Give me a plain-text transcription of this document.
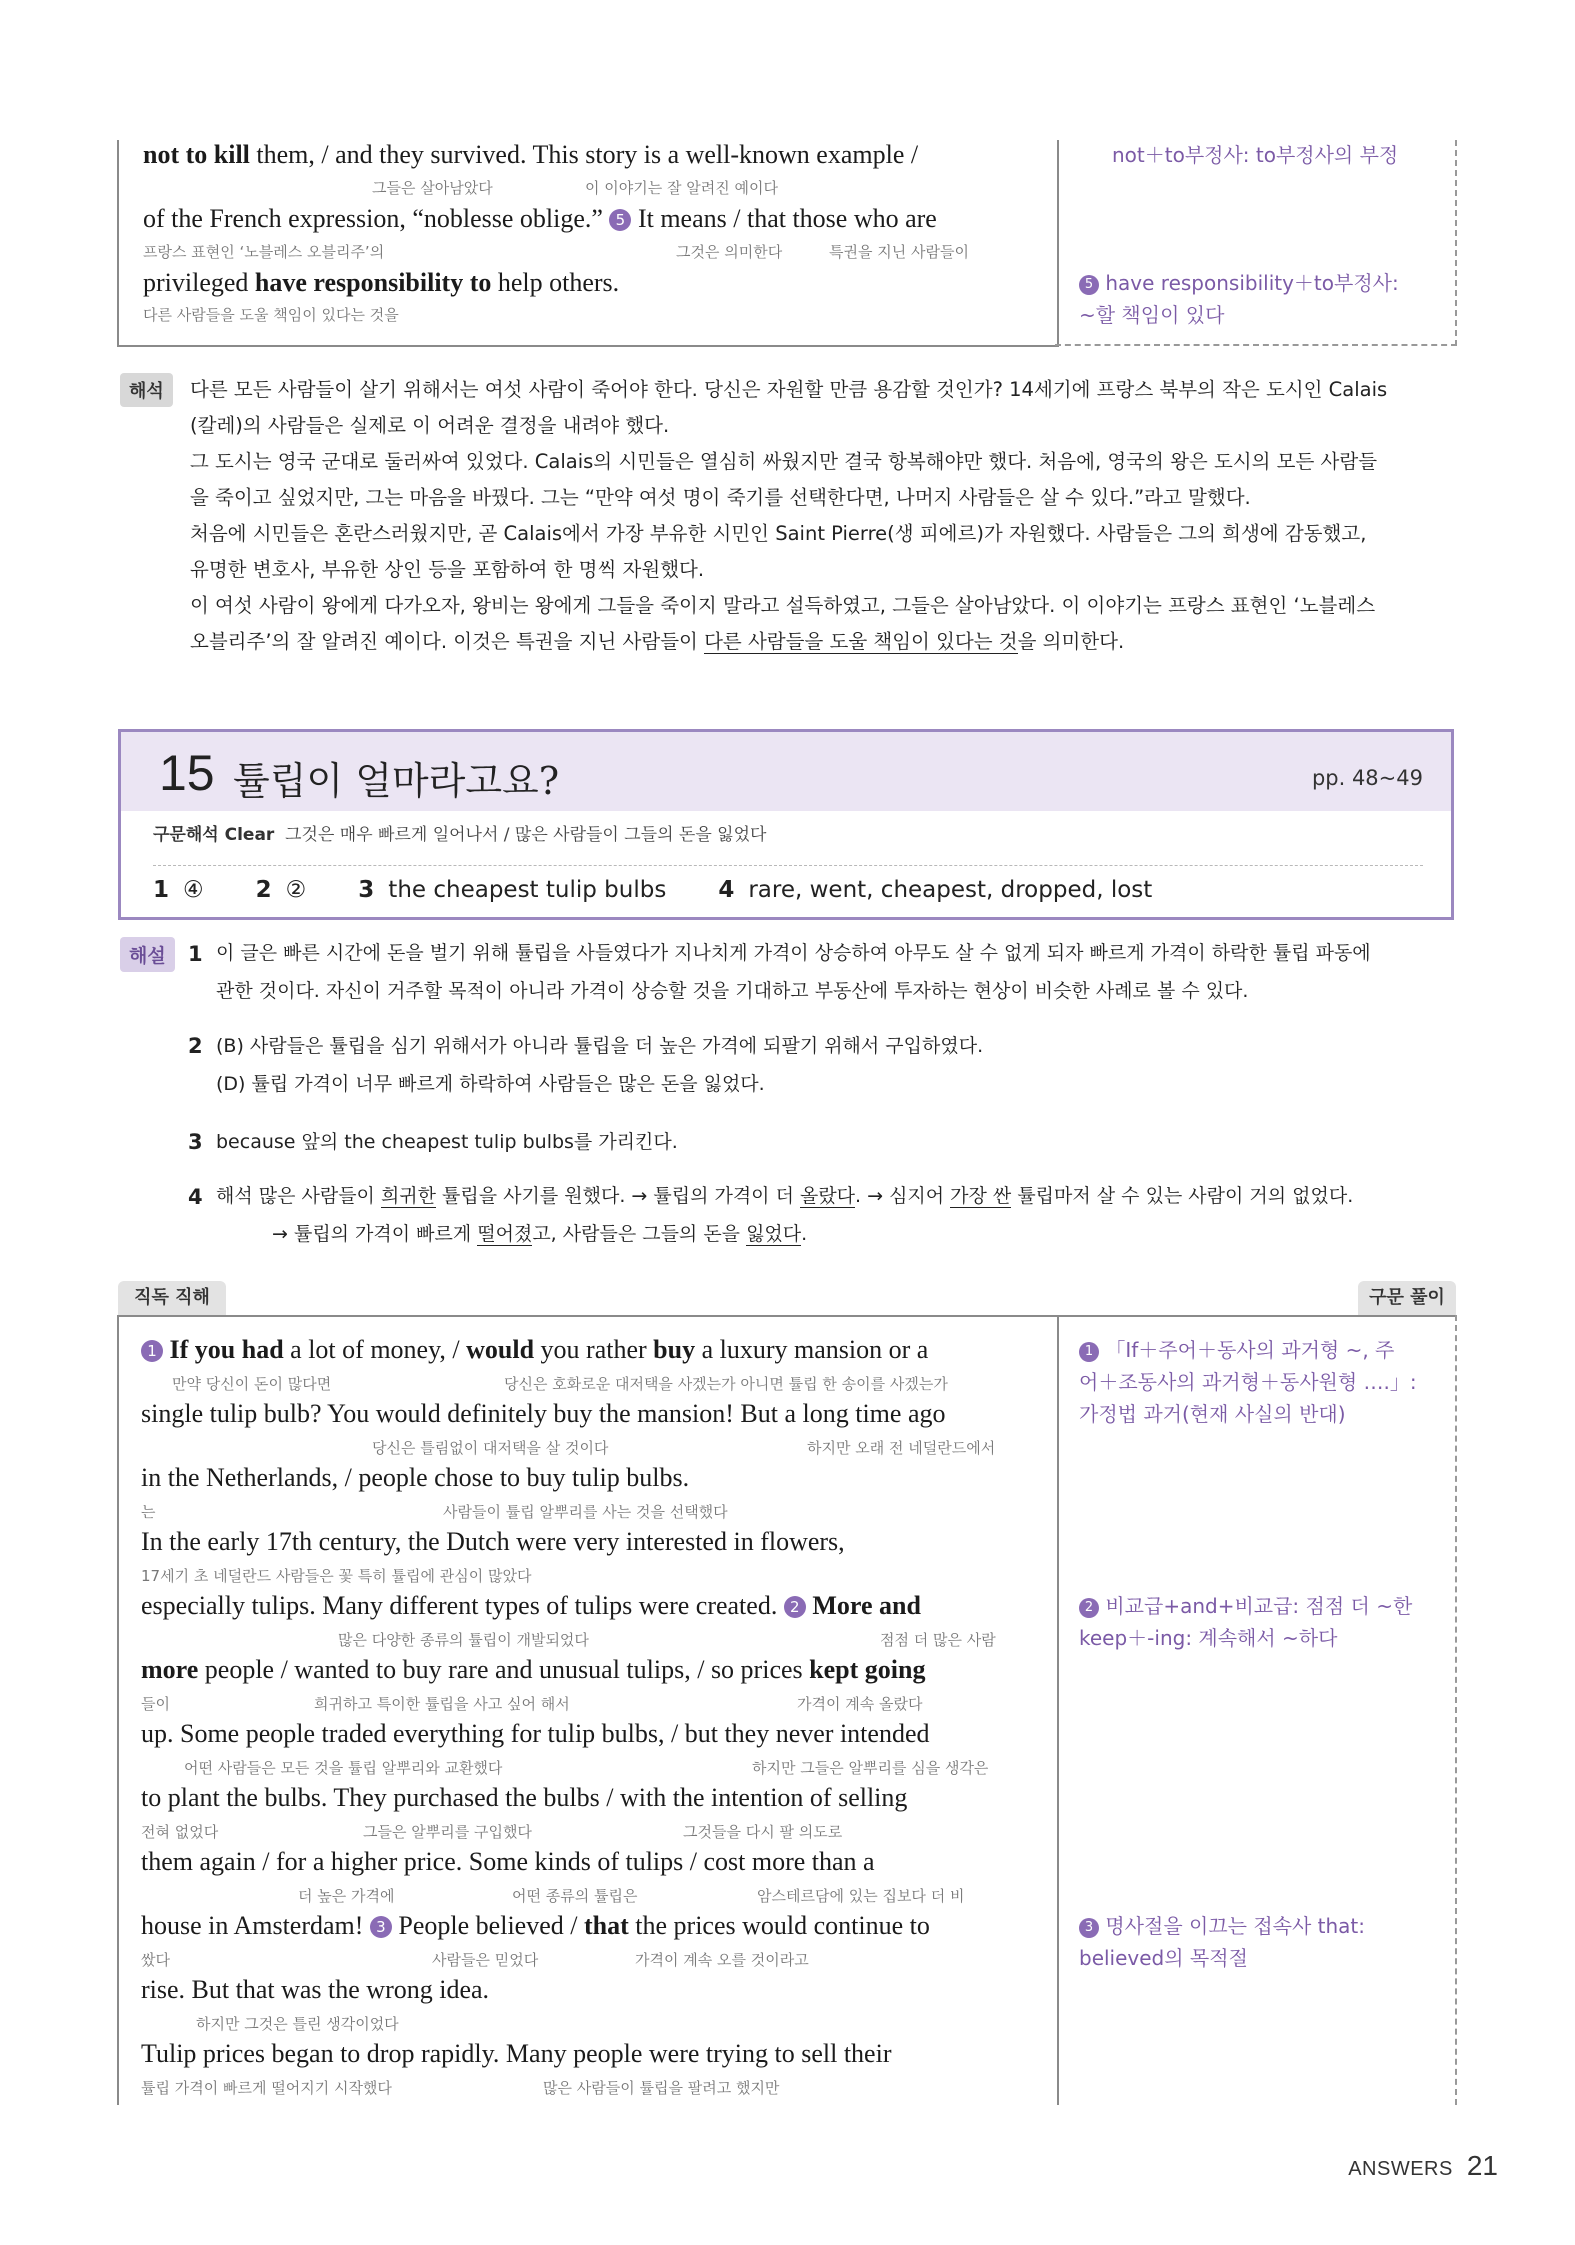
not to kill them, / and they survived. This story is a well-known example /
그들은 살아남았다	이 이야기는 잘 알려진 예이다
of the French expression, “noblesse oblige.” 5 It means / that those who are
프랑스 표현인 ‘노블레스 오블리주’의	그것은 의미한다	특권을 지닌 사람들이
privileged have responsibility to help others.
다른 사람들을 도울 책임이 있다는 것을
not＋to부정사: to부정사의 부정
5 have responsibility＋to부정사:
~할 책임이 있다
해석	다른 모든 사람들이 살기 위해서는 여섯 사람이 죽어야 한다. 당신은 자원할 만큼 용감할 것인가? 14세기에 프랑스 북부의 작은 도시인 Calais
(칼레)의 사람들은 실제로 이 어려운 결정을 내려야 했다.
그 도시는 영국 군대로 둘러싸여 있었다. Calais의 시민들은 열심히 싸웠지만 결국 항복해야만 했다. 처음에, 영국의 왕은 도시의 모든 사람들
을 죽이고 싶었지만, 그는 마음을 바꿨다. 그는 “만약 여섯 명이 죽기를 선택한다면, 나머지 사람들은 살 수 있다.”라고 말했다.
처음에 시민들은 혼란스러웠지만, 곧 Calais에서 가장 부유한 시민인 Saint Pierre(생 피에르)가 자원했다. 사람들은 그의 희생에 감동했고,
유명한 변호사, 부유한 상인 등을 포함하여 한 명씩 자원했다.
이 여섯 사람이 왕에게 다가오자, 왕비는 왕에게 그들을 죽이지 말라고 설득하였고, 그들은 살아남았다. 이 이야기는 프랑스 표현인 ‘노블레스
오블리주’의 잘 알려진 예이다. 이것은 특권을 지닌 사람들이 다른 사람들을 도울 책임이 있다는 것을 의미한다.
15 튤립이 얼마라고요?	pp. 48~49
구문해석 Clear 그것은 매우 빠르게 일어나서 / 많은 사람들이 그들의 돈을 잃었다
1 ④ 2 ② 3 the cheapest tulip bulbs 4 rare, went, cheapest, dropped, lost
해설	1 이 글은 빠른 시간에 돈을 벌기 위해 튤립을 사들였다가 지나치게 가격이 상승하여 아무도 살 수 없게 되자 빠르게 가격이 하락한 튤립 파동에
관한 것이다. 자신이 거주할 목적이 아니라 가격이 상승할 것을 기대하고 부동산에 투자하는 현상이 비슷한 사례로 볼 수 있다.
2 (B) 사람들은 튤립을 심기 위해서가 아니라 튤립을 더 높은 가격에 되팔기 위해서 구입하였다.
(D) 튤립 가격이 너무 빠르게 하락하여 사람들은 많은 돈을 잃었다.
3 because 앞의 the cheapest tulip bulbs를 가리킨다.
4 해석 많은 사람들이 희귀한 튤립을 사기를 원했다. → 튤립의 가격이 더 올랐다. → 심지어 가장 싼 튤립마저 살 수 있는 사람이 거의 없었다.
→ 튤립의 가격이 빠르게 떨어졌고, 사람들은 그들의 돈을 잃었다.
직독 직해	구문 풀이
1 If you had a lot of money, / would you rather buy a luxury mansion or a
만약 당신이 돈이 많다면	당신은 호화로운 대저택을 사겠는가 아니면 튤립 한 송이를 사겠는가
single tulip bulb? You would definitely buy the mansion! But a long time ago
당신은 틀림없이 대저택을 살 것이다	하지만 오래 전 네덜란드에서
in the Netherlands, / people chose to buy tulip bulbs.
는	사람들이 튤립 알뿌리를 사는 것을 선택했다
In the early 17th century, the Dutch were very interested in flowers,
17세기 초 네덜란드 사람들은 꽃 특히 튤립에 관심이 많았다
especially tulips. Many different types of tulips were created. 2 More and
많은 다양한 종류의 튤립이 개발되었다	점점 더 많은 사람
more people / wanted to buy rare and unusual tulips, / so prices kept going
들이	희귀하고 특이한 튤립을 사고 싶어 해서	가격이 계속 올랐다
up. Some people traded everything for tulip bulbs, / but they never intended
어떤 사람들은 모든 것을 튤립 알뿌리와 교환했다	하지만 그들은 알뿌리를 심을 생각은
to plant the bulbs. They purchased the bulbs / with the intention of selling
전혀 없었다	그들은 알뿌리를 구입했다	그것들을 다시 팔 의도로
them again / for a higher price. Some kinds of tulips / cost more than a
더 높은 가격에	어떤 종류의 튤립은	암스테르담에 있는 집보다 더 비
house in Amsterdam! 3 People believed / that the prices would continue to
쌌다	사람들은 믿었다	가격이 계속 오를 것이라고
rise. But that was the wrong idea.
하지만 그것은 틀린 생각이었다
Tulip prices began to drop rapidly. Many people were trying to sell their
튤립 가격이 빠르게 떨어지기 시작했다	많은 사람들이 튤립을 팔려고 했지만
1 「If＋주어＋동사의 과거형 ~, 주
어＋조동사의 과거형＋동사원형 ….」:
가정법 과거(현재 사실의 반대)
2 비교급+and+비교급: 점점 더 ~한
keep＋-ing: 계속해서 ~하다
3 명사절을 이끄는 접속사 that:
believed의 목적절
ANSWERS 21
